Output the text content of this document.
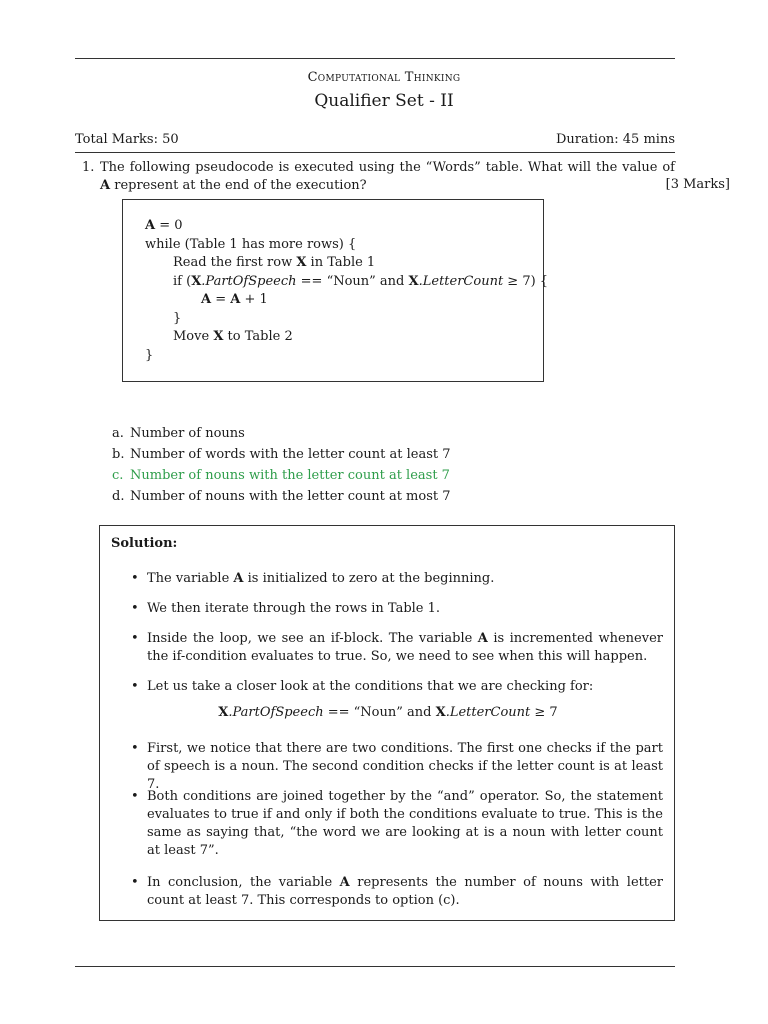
Computational Thinking
Qualifier Set - II
Total Marks: 50	Duration: 45 mins
1. The following pseudocode is executed using the “Words” table. What will the value of A represent at the end of the execution?	[3 Marks]
A = 0
while (Table 1 has more rows) {
Read the first row X in Table 1
if (X.PartOfSpeech == “Noun” and X.LetterCount ≥ 7) {
A = A + 1
}
Move X to Table 2
}
a. Number of nouns
b. Number of words with the letter count at least 7
c. Number of nouns with the letter count at least 7
d. Number of nouns with the letter count at most 7
Solution:
• The variable A is initialized to zero at the beginning.
• We then iterate through the rows in Table 1.
• Inside the loop, we see an if-block. The variable A is incremented whenever the if-condition evaluates to true. So, we need to see when this will happen.
• Let us take a closer look at the conditions that we are checking for:
X.PartOfSpeech == “Noun” and X.LetterCount ≥ 7
• First, we notice that there are two conditions. The first one checks if the part of speech is a noun. The second condition checks if the letter count is at least 7.
• Both conditions are joined together by the “and” operator. So, the statement evaluates to true if and only if both the conditions evaluate to true. This is the same as saying that, “the word we are looking at is a noun with letter count at least 7”.
• In conclusion, the variable A represents the number of nouns with letter count at least 7. This corresponds to option (c).
